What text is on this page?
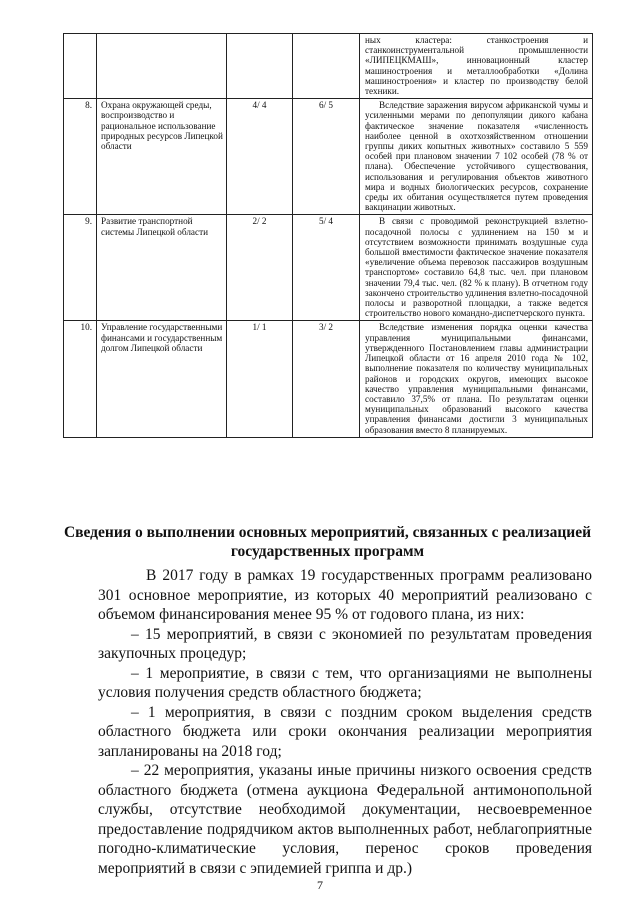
				ных кластера: станкостроения и станкоинструментальной промышленности «ЛИПЕЦКМАШ», инновационный кластер машиностроения и металлообработки «Долина машиностроения» и кластер по производству белой техники.

8.	Охрана окружающей среды, воспроизводство и рациональное использование природных ресурсов Липецкой области	4/ 4	6/ 5	Вследствие заражения вирусом африканской чумы и усиленными мерами по депопуляции дикого кабана фактическое значение показателя «численность наиболее ценной в охотхозяйственном отношении группы диких копытных животных» составило 5 559 особей при плановом значении 7 102 особей (78 % от плана). Обеспечение устойчивого существования, использования и регулирования объектов животного мира и водных биологических ресурсов, сохранение среды их обитания осуществляется путем проведения вакцинации животных.

9.	Развитие транспортной системы Липецкой области	2/ 2	5/ 4	В связи с проводимой реконструкцией взлетно-посадочной полосы с удлинением на 150 м и отсутствием возможности принимать воздушные суда большой вместимости фактическое значение показателя «увеличение объема перевозок пассажиров воздушным транспортом» составило 64,8 тыс. чел. при плановом значении 79,4 тыс. чел. (82 % к плану). В отчетном году закончено строительство удлинения взлетно-посадочной полосы и разворотной площадки, а также ведется строительство нового командно-диспетчерского пункта.

10.	Управление государственными финансами и государственным долгом Липецкой области	1/ 1	3/ 2	Вследствие изменения порядка оценки качества управления муниципальными финансами, утвержденного Постановлением главы администрации Липецкой области от 16 апреля 2010 года № 102, выполнение показателя по количеству муниципальных районов и городских округов, имеющих высокое качество управления муниципальными финансами, составило 37,5% от плана. По результатам оценки муниципальных образований высокого качества управления финансами достигли 3 муниципальных образования вместо 8 планируемых.
Сведения о выполнении основных мероприятий, связанных с реализацией государственных программ

В 2017 году в рамках 19 государственных программ реализовано 301 основное мероприятие, из которых 40 мероприятий реализовано с объемом финансирования менее 95 % от годового плана, из них:

– 15 мероприятий, в связи с экономией по результатам проведения закупочных процедур;

– 1 мероприятие, в связи с тем, что организациями не выполнены условия получения средств областного бюджета;

– 1 мероприятия, в связи с поздним сроком выделения средств областного бюджета или сроки окончания реализации мероприятия запланированы на 2018 год;

– 22 мероприятия, указаны иные причины низкого освоения средств областного бюджета (отмена аукциона Федеральной антимонопольной службы, отсутствие необходимой документации, несвоевременное предоставление подрядчиком актов выполненных работ, неблагоприятные погодно-климатические условия, перенос сроков проведения мероприятий в связи с эпидемией гриппа и др.)

7
